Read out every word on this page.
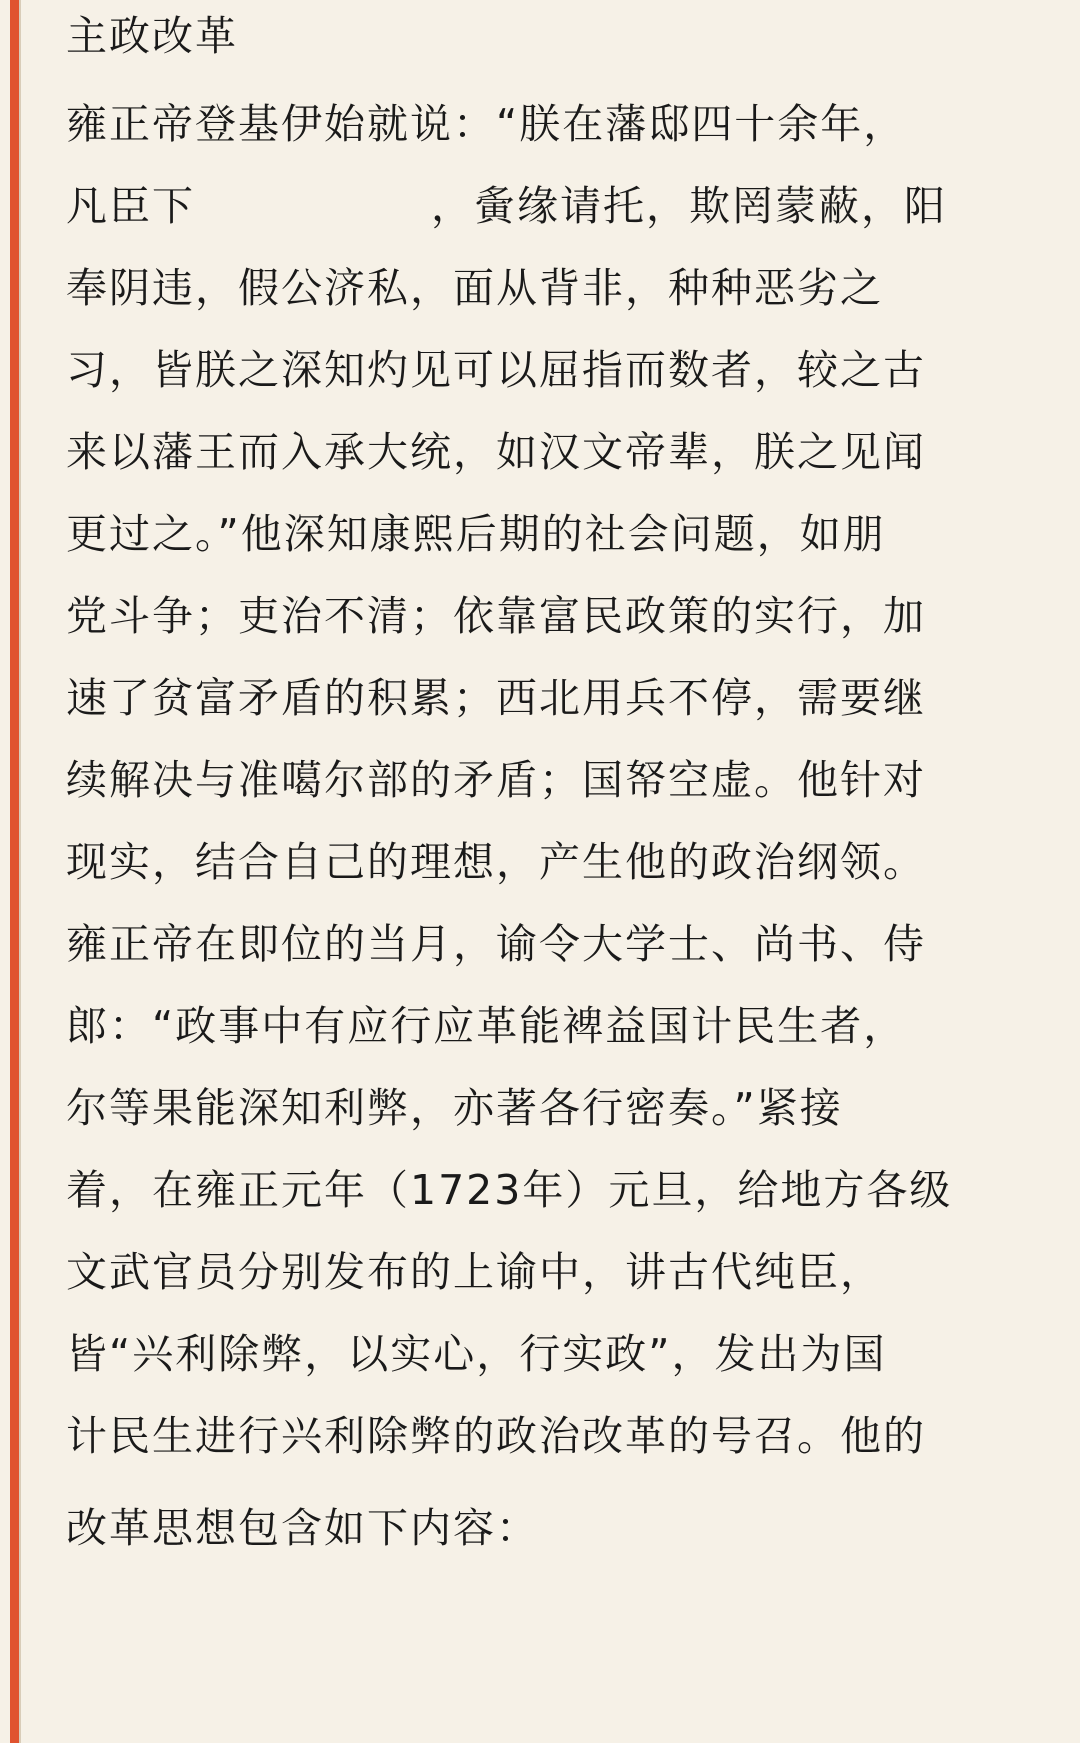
主政改革
雍正帝登基伊始就说：“朕在藩邸四十余年，
凡臣下	，夤缘请托，欺罔蒙蔽，阳
奉阴违，假公济私，面从背非，种种恶劣之
习，皆朕之深知灼见可以屈指而数者，较之古
来以藩王而入承大统，如汉文帝辈，朕之见闻
更过之。”他深知康熙后期的社会问题，如朋
党斗争；吏治不清；依靠富民政策的实行，加
速了贫富矛盾的积累；西北用兵不停，需要继
续解决与准噶尔部的矛盾；国帑空虚。他针对
现实，结合自己的理想，产生他的政治纲领。
雍正帝在即位的当月，谕令大学士、尚书、侍
郎：“政事中有应行应革能裨益国计民生者，
尔等果能深知利弊，亦著各行密奏。”紧接
着，在雍正元年（1723年）元旦，给地方各级
文武官员分别发布的上谕中，讲古代纯臣，
皆“兴利除弊，以实心，行实政”，发出为国
计民生进行兴利除弊的政治改革的号召。他的
改革思想包含如下内容：
